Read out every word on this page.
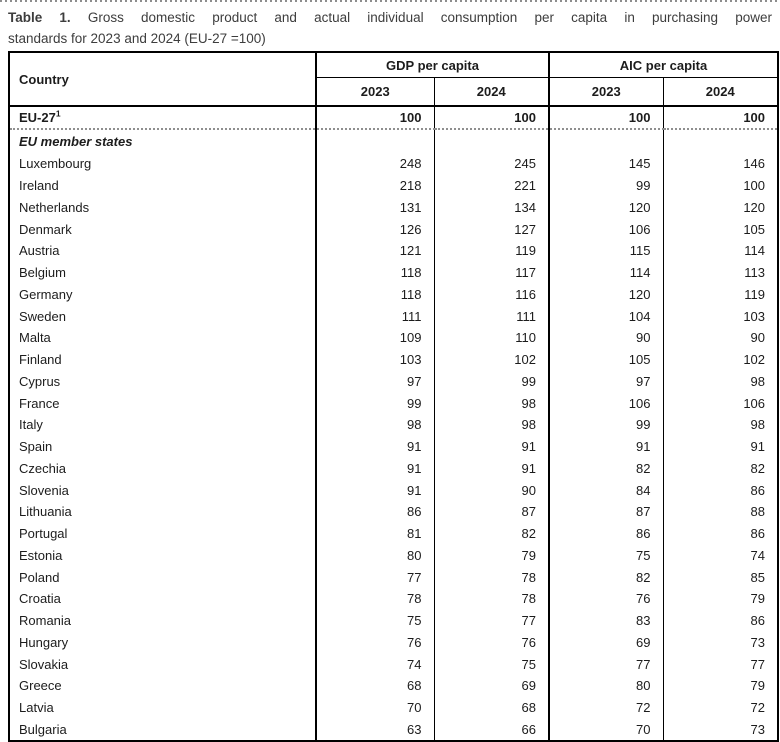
Table 1. Gross domestic product and actual individual consumption per capita in purchasing power
standards for 2023 and 2024 (EU-27 =100)
Country	GDP per capita		AIC per capita	
	2023	2024	2023	2024
$EU-27^1$	100	100	100	100
EU member states				
Luxembourg	248	245	145	146
Ireland	218	221	99	100
Netherlands	131	134	120	120
Denmark	126	127	106	105
Austria	121	119	115	114
Belgium	118	117	114	113
Germany	118	116	120	119
Sweden	111	111	104	103
Malta	109	110	90	90
Finland	103	102	105	102
Cyprus	97	99	97	98
France	99	98	106	106
Italy	98	98	99	98
Spain	91	91	91	91
Czechia	91	91	82	82
Slovenia	91	90	84	86
Lithuania	86	87	87	88
Portugal	81	82	86	86
Estonia	80	79	75	74
Poland	77	78	82	85
Croatia	78	78	76	79
Romania	75	77	83	86
Hungary	76	76	69	73
Slovakia	74	75	77	77
Greece	68	69	80	79
Latvia	70	68	72	72
Bulgaria	63	66	70	73
